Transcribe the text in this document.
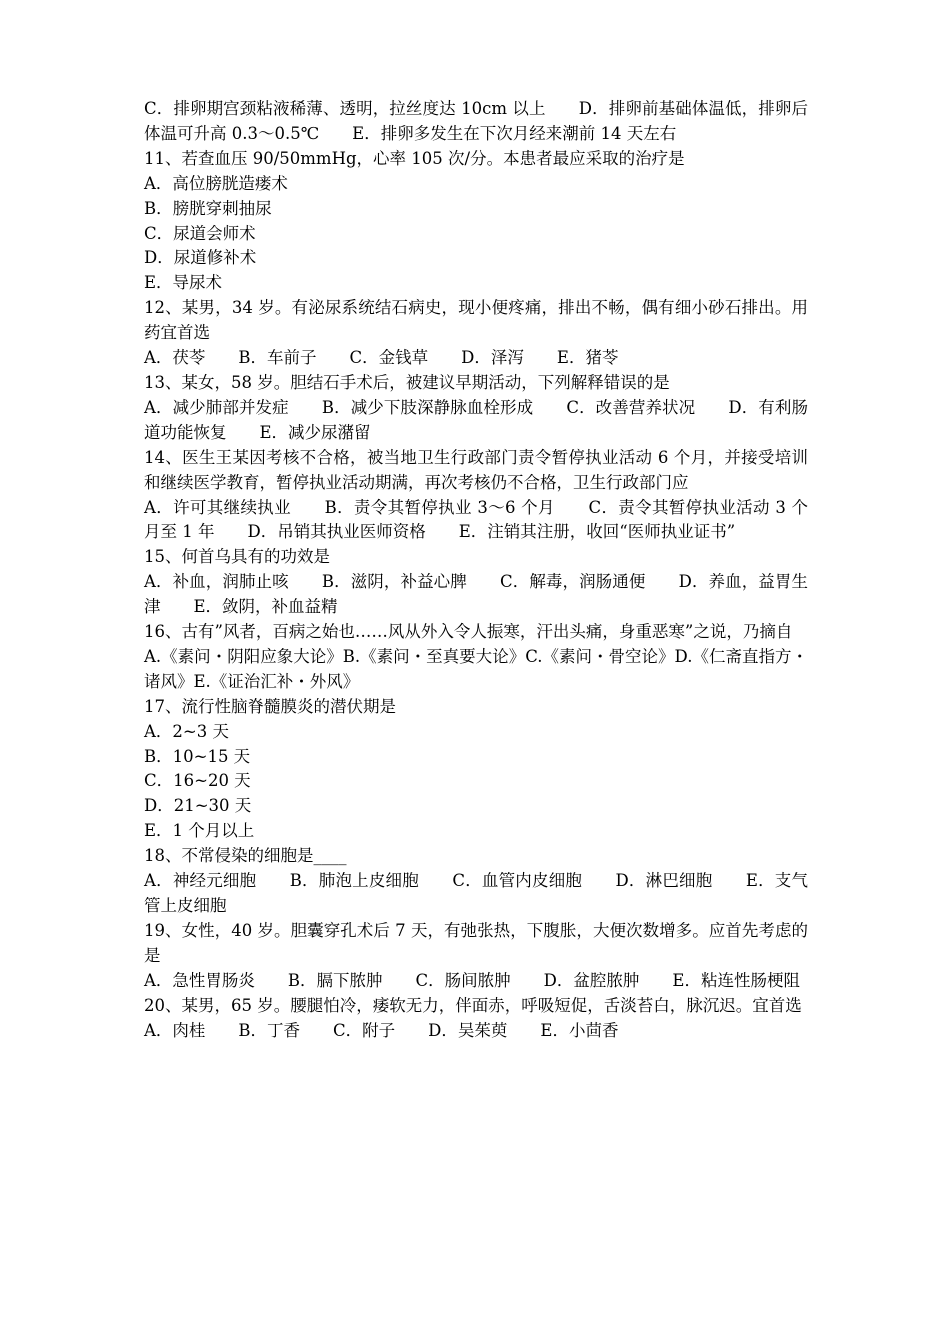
C．排卵期宫颈粘液稀薄、透明，拉丝度达 10cm 以上　　D．排卵前基础体温低，排卵后体温可升高 0.3～0.5℃　　E．排卵多发生在下次月经来潮前 14 天左右

11、若查血压 90/50mmHg，心率 105 次/分。本患者最应采取的治疗是

A．高位膀胱造瘘术

B．膀胱穿刺抽尿

C．尿道会师术

D．尿道修补术

E．导尿术

12、某男，34 岁。有泌尿系统结石病史，现小便疼痛，排出不畅，偶有细小砂石排出。用药宜首选

A．茯苓　　B．车前子　　C．金钱草　　D．泽泻　　E．猪苓

13、某女，58 岁。胆结石手术后，被建议早期活动，下列解释错误的是

A．减少肺部并发症　　B．减少下肢深静脉血栓形成　　C．改善营养状况　　D．有利肠道功能恢复　　E．减少尿潴留

14、医生王某因考核不合格，被当地卫生行政部门责令暂停执业活动 6 个月，并接受培训和继续医学教育，暂停执业活动期满，再次考核仍不合格，卫生行政部门应

A．许可其继续执业　　B．责令其暂停执业 3～6 个月　　C．责令其暂停执业活动 3 个月至 1 年　　D．吊销其执业医师资格　　E．注销其注册，收回“医师执业证书”

15、何首乌具有的功效是

A．补血，润肺止咳　　B．滋阴，补益心脾　　C．解毒，润肠通便　　D．养血，益胃生津　　E．敛阴，补血益精

16、古有”风者，百病之始也……风从外入令人振寒，汗出头痛，身重恶寒”之说，乃摘自

A.《素问・阴阳应象大论》B.《素问・至真要大论》C.《素问・骨空论》D.《仁斋直指方・诸风》E.《证治汇补・外风》

17、流行性脑脊髓膜炎的潜伏期是

A．2~3 天

B．10~15 天

C．16~20 天

D．21~30 天

E．1 个月以上

18、不常侵染的细胞是____

A．神经元细胞　　B．肺泡上皮细胞　　C．血管内皮细胞　　D．淋巴细胞　　E．支气管上皮细胞

19、女性，40 岁。胆囊穿孔术后 7 天，有弛张热，下腹胀，大便次数增多。应首先考虑的是

A．急性胃肠炎　　B．膈下脓肿　　C．肠间脓肿　　D．盆腔脓肿　　E．粘连性肠梗阻

20、某男，65 岁。腰腿怕冷，痿软无力，伴面赤，呼吸短促，舌淡苔白，脉沉迟。宜首选

A．肉桂　　B．丁香　　C．附子　　D．吴茱萸　　E．小茴香
